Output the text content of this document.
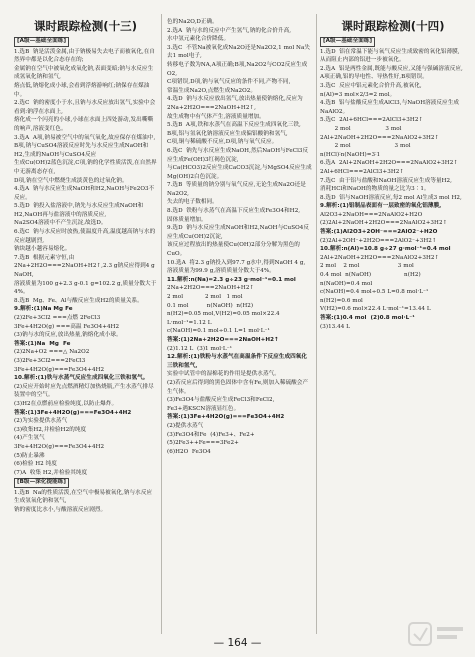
课时跟踪检测(十三)
[A级—基础全面练]
1.选B  钠是活泼金属,由于钠极易失去电子而被氧化,在自然界中都是以化合态存在的;
金属钠在空气中被氧化成氧化钠,表面变暗;钠与水反应生成氢氧化钠和氢气,
熔点低,钠熔化成小球,会看到浮熔游响红;钠保存在煤油中。
2.选C  钠的密度小于水,且钠与水反应放出氢气,实验中会看到:钠浮在水面上,
熔化成一个闪亮的小球,小球在水面上四处游动,发出嘶嘶的响声,溶液变红色。
3.选A  A项,钠易被空气中的氧气氧化,故应保存在煤油中,
B项,钠与CuSO4溶液反应时先与水反应生成NaOH和H2,生成的NaOH与CuSO4反应
生成Cu(OH)2蓝色沉淀,C项,钠的化学性质活泼,在自然界中无游离态存在,
D项,钠在空气中燃烧生成淡黄色的过氧化钠。
4.选A  钠与水反应生成NaOH和H2,NaOH与Fe2O3不反应。
5.选D  钠投入盐溶液中,钠先与水反应生成NaOH和H2,NaOH再与盐溶液中的溶质反应,
Na2SO4溶液中不产生沉淀,故选D。
6.选C  钠与水反应时放热,使温度升高,温度越高钠与水的反应越剧烈,
钠块越小越容易熔化。
7.选B  根据元素守恒,由2Na+2H2O===2NaOH+H2↑,2.3 g钠反应得到4 g NaOH,
溶液质量为100 g+2.3 g-0.1 g=102.2 g,质量分数大于4%。
8.选B  Mg、Fe、Al与酸反应生成H2的质量关系。
9.解析:(1)Na Mg Fe
(2)2Fe+3Cl2 ===点燃 2FeCl3
3Fe+4H2O(g) ===高温 Fe3O4+4H2
(3)钠与水的反应,放出热量,钠熔化成小球。
答案:(1)Na  Mg  Fe
(2)2Na+O2 ===△ Na2O2
(3)2Fe+3Cl2===2FeCl3  3Fe+4H2O(g)===Fe3O4+4H2
10.解析:(1)铁与水蒸气反应生成四氧化三铁和氢气。
(2)反应开始时应先点燃酒精灯加热烧瓶,产生水蒸气排尽装置中的空气。
(3)H2在点燃前应检验纯度,以防止爆炸。
答案:(1)3Fe+4H2O(g)===Fe3O4+4H2
(2)为实验提供水蒸气
(3)收集H2,并检验H2的纯度
(4)产生氢气
3Fe+4H2O(g)===Fe3O4+4H2
(5)防止暴沸
(6)检验 H2 纯度
(7)A  收集 H2,并检验其纯度
[B级—深化提能练]
1.选B  Na的性质活泼,在空气中极易被氧化,钠与水反应生成氢氧化钠和氢气,
钠的密度比水小,与酸溶液反应剧烈。
色的Na2O,D正确。
2.选A  钠与水的反应中产生氢气,钠的化合价升高,
水中氢元素化合价降低。
3.选C  不管Na被氧化成Na2O还是Na2O2,1 mol Na失去1 mol电子,
转移电子数为NA,A项正确;B项,Na2O2与CO2反应生成O2,
C项错误,D项,钠与氧气反应的条件不同,产物不同,
常温生成Na2O,点燃生成Na2O2。
4.选D  钠与水反应放出氢气,放出热量使钠熔化,反应为2Na+2H2O===2NaOH+H2↑,
故生成物中有气体产生,溶液质量增加。
5.选B  A项,铁和水蒸气在高温下反应生成四氧化三铁,
B项,铝与氢氧化钠溶液反应生成偏铝酸钠和氢气,
C项,铜与稀硫酸不反应,D项,钠与氧气反应。
6.选C  钠先与水反应生成NaOH,然后NaOH与FeCl3反应生成Fe(OH)3红褐色沉淀,
与Ca(HCO3)2反应生成CaCO3沉淀,与MgSO4反应生成Mg(OH)2白色沉淀。
7.选B  等质量的钠分别与氧气反应,无论生成Na2O还是Na2O2,
失去的电子数相同。
8.选D  铁粉与水蒸气在高温下反应生成Fe3O4和H2,
固体质量增加。
9.选D  钠与水反应生成NaOH和H2,NaOH与CuSO4反应生成Cu(OH)2沉淀,
该反应过程放出的热量使Cu(OH)2部分分解为黑色的CuO。
10.选A  将2.3 g钠投入到97.7 g水中,得到NaOH 4 g,
溶液质量为99.9 g,溶质质量分数大于4%。
11.解析:n(Na)=2.3 g÷23 g·mol⁻¹=0.1 mol
2Na+2H2O===2NaOH+H2↑
2 mol            2 mol   1 mol
0.1 mol          n(NaOH)  n(H2)
n(H2)=0.05 mol,V(H2)=0.05 mol×22.4 L·mol⁻¹=1.12 L
c(NaOH)=0.1 mol÷0.1 L=1 mol·L⁻¹
答案:(1)2Na+2H2O===2NaOH+H2↑
(2)1.12 L  (3)1 mol·L⁻¹
12.解析:(1)铁粉与水蒸气在高温条件下反应生成四氧化三铁和氢气,
实验中试管中的湿棉花的作用是提供水蒸气。
(2)若反应后得到的黑色固体中含有Fe,则加入稀硫酸会产生气体。
(3)Fe3O4与盐酸反应生成FeCl3和FeCl2,
Fe3+遇KSCN溶液显红色。
答案:(1)3Fe+4H2O(g)===Fe3O4+4H2
(2)提供水蒸气
(3)Fe3O4和Fe  (4)Fe3+、Fe2+
(5)2Fe3++Fe===3Fe2+
(6)H2O  Fe3O4
课时跟踪检测(十四)
[A级—基础全面练]
1.选D  铝在常温下能与氧气反应生成致密的氧化铝薄膜,
从而阻止内部的铝进一步被氧化。
2.选A  铝是两性金属,既能与酸反应,又能与强碱溶液反应,
A项正确,铝的导电性、导热性好,B项错误。
3.选C  反应中铝元素化合价升高,被氧化,
n(Al)=3 mol×2/3=2 mol。
4.选B  铝与盐酸反应生成AlCl3,与NaOH溶液反应生成NaAlO2。
5.选C  2Al+6HCl===2AlCl3+3H2↑
2 mol                   3 mol
2Al+2NaOH+2H2O===2NaAlO2+3H2↑
2 mol                        3 mol
n(HCl)∶n(NaOH)=3∶1
6.选A  2Al+2NaOH+2H2O===2NaAlO2+3H2↑
2Al+6HCl===2AlCl3+3H2↑
7.选C  由于铝与盐酸和NaOH溶液反应生成等量H2,
消耗HCl和NaOH的物质的量之比为3∶1。
8.选D  铝与NaOH溶液反应,每2 mol Al生成3 mol H2,
9.解析:(1)铝制品表面有一层致密的氧化铝薄膜,
Al2O3+2NaOH===2NaAlO2+H2O
(2)2Al+2NaOH+2H2O===2NaAlO2+3H2↑
答案:(1)Al2O3+2OH⁻===2AlO2⁻+H2O
(2)2Al+2OH⁻+2H2O===2AlO2⁻+3H2↑
10.解析:n(Al)=10.8 g÷27 g·mol⁻¹=0.4 mol
2Al+2NaOH+2H2O===2NaAlO2+3H2↑
2 mol    2 mol                     3 mol
0.4 mol  n(NaOH)                  n(H2)
n(NaOH)=0.4 mol
c(NaOH)=0.4 mol÷0.5 L=0.8 mol·L⁻¹
n(H2)=0.6 mol
V(H2)=0.6 mol×22.4 L·mol⁻¹=13.44 L
答案:(1)0.4 mol  (2)0.8 mol·L⁻¹
(3)13.44 L
— 164 —
